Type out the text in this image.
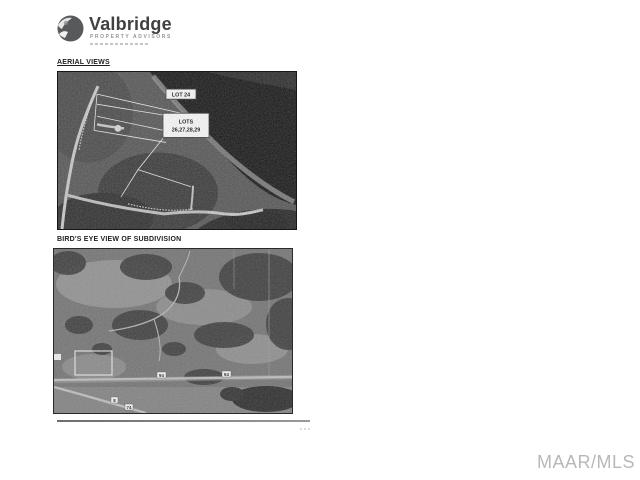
Valbridge
PROPERTY ADVISORS
AERIAL VIEWS
LOT 24
LOTS
26,27,28,29
BIRD'S EYE VIEW OF SUBDIVISION
94	94
8
74
MAAR/MLS
